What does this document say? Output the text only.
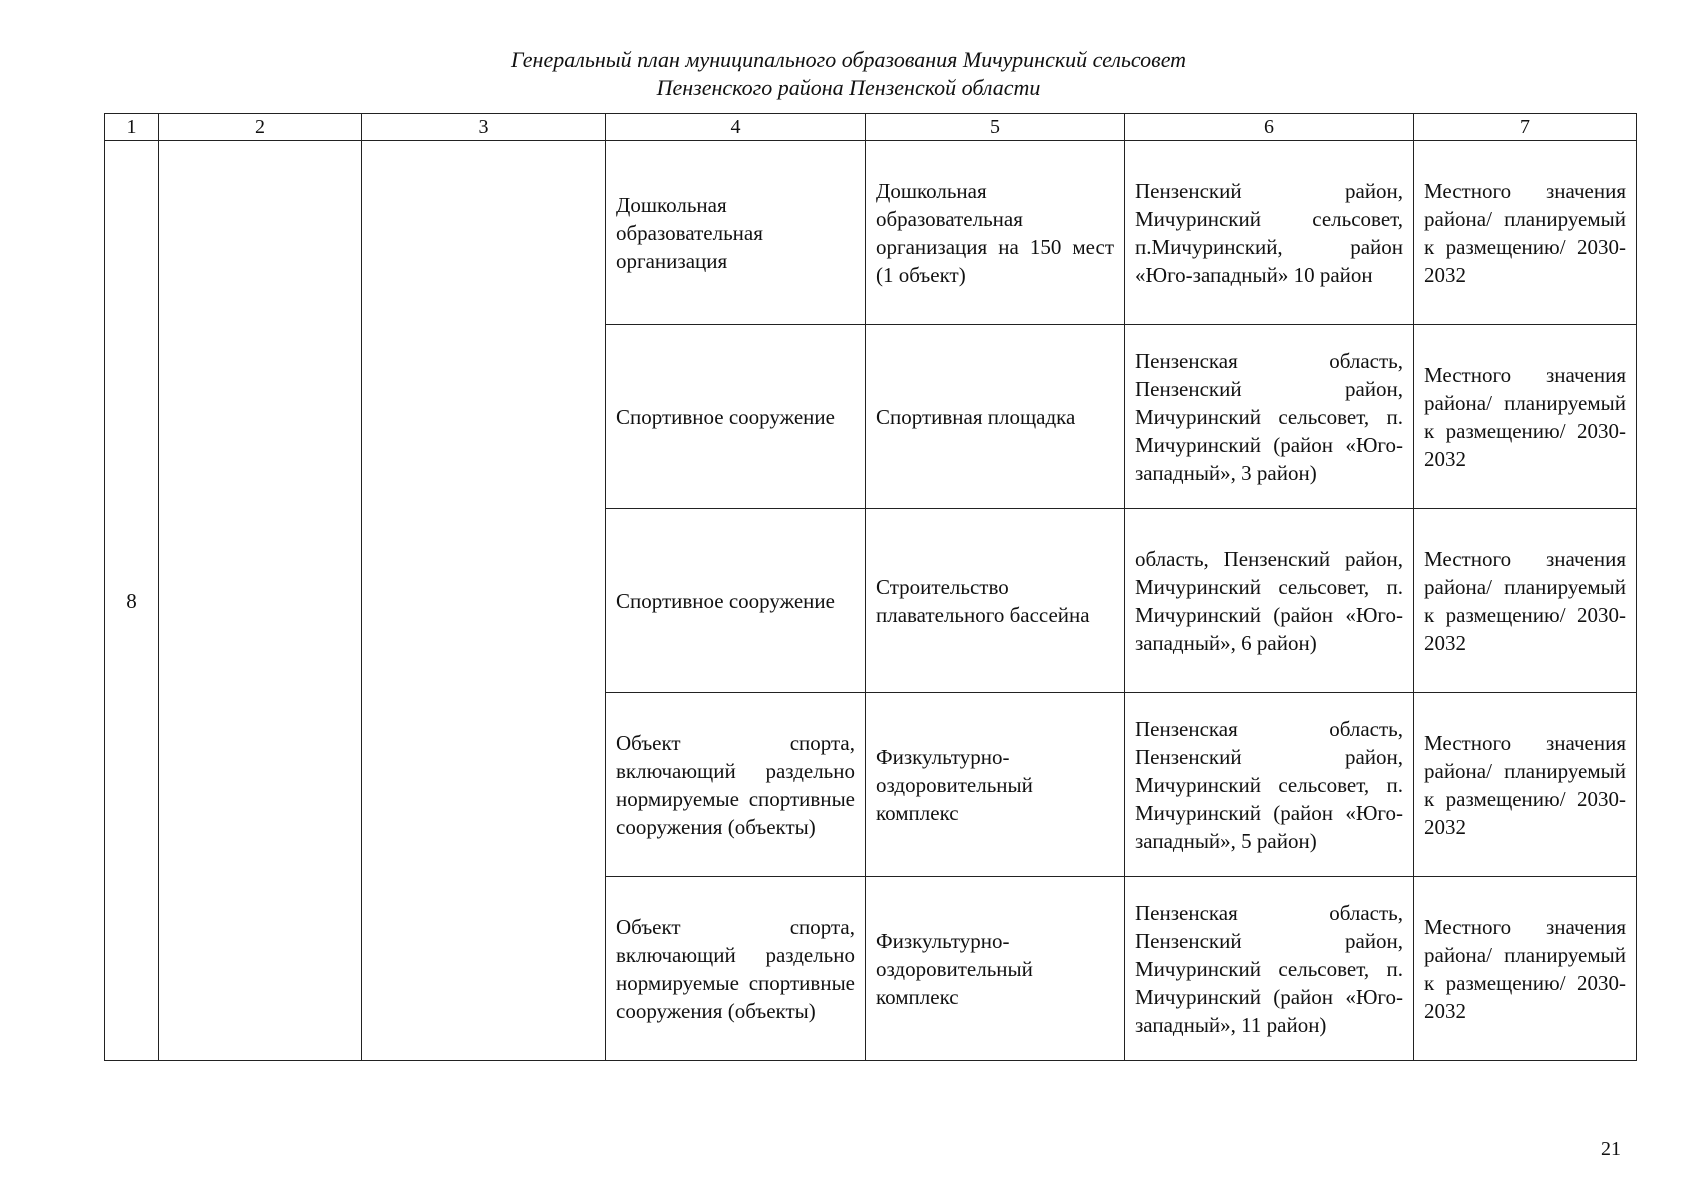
Генеральный план муниципального образования Мичуринский сельсовет
Пензенского района Пензенской области
1	2	3	4	5	6	7
8			Дошкольная образовательная организация	Дошкольная образовательная организация на 150 мест (1 объект)	Пензенский район, Мичуринский сельсовет, п.Мичуринский, район «Юго-западный» 10 район	Местного значения района/ планируемый к размещению/ 2030-2032
			Спортивное сооружение	Спортивная площадка	Пензенская область, Пензенский район, Мичуринский сельсовет, п. Мичуринский (район «Юго-западный», 3 район)	Местного значения района/ планируемый к размещению/ 2030-2032
			Спортивное сооружение	Строительство плавательного бассейна	область, Пензенский район, Мичуринский сельсовет, п. Мичуринский (район «Юго-западный», 6 район)	Местного значения района/ планируемый к размещению/ 2030-2032
			Объект спорта, включающий раздельно нормируемые спортивные сооружения (объекты)	Физкультурно-оздоровительный комплекс	Пензенская область, Пензенский район, Мичуринский сельсовет, п. Мичуринский (район «Юго-западный», 5 район)	Местного значения района/ планируемый к размещению/ 2030-2032
			Объект спорта, включающий раздельно нормируемые спортивные сооружения (объекты)	Физкультурно-оздоровительный комплекс	Пензенская область, Пензенский район, Мичуринский сельсовет, п. Мичуринский (район «Юго-западный», 11 район)	Местного значения района/ планируемый к размещению/ 2030-2032
21
